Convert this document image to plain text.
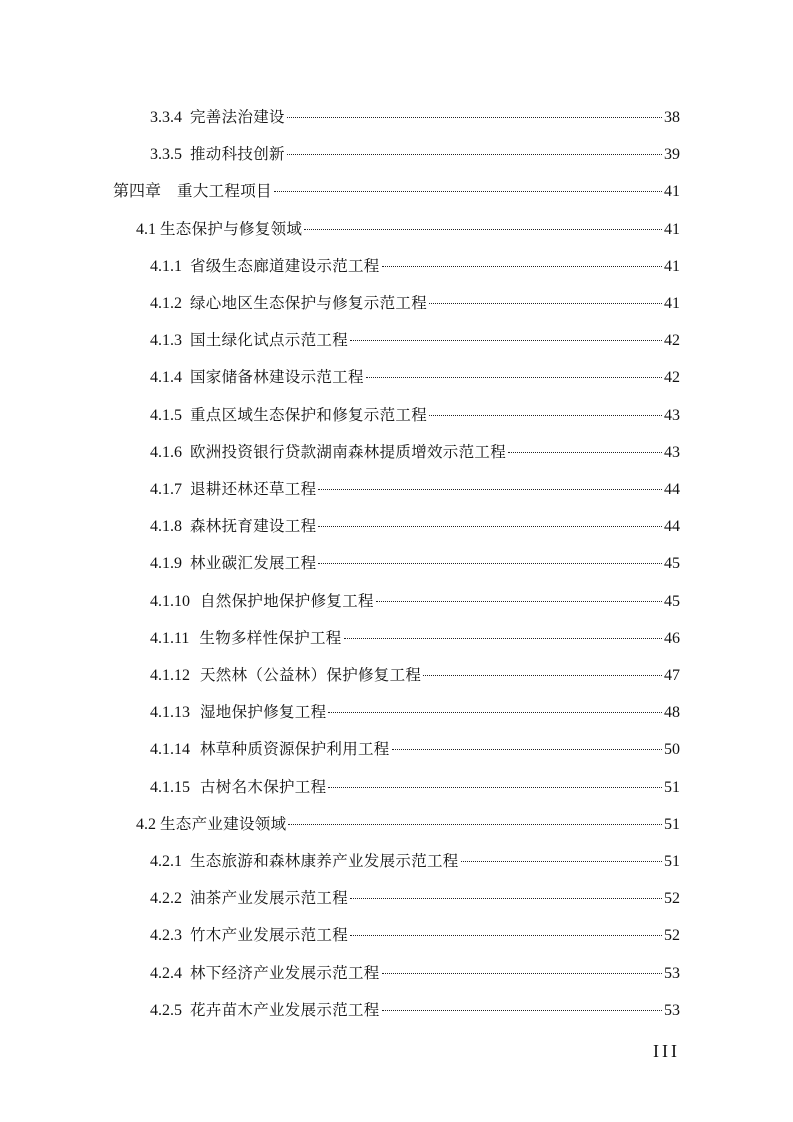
3.3.4 完善法治建设	38
3.3.5 推动科技创新	39
第四章 重大工程项目	41
4.1 生态保护与修复领域	41
4.1.1 省级生态廊道建设示范工程	41
4.1.2 绿心地区生态保护与修复示范工程	41
4.1.3 国土绿化试点示范工程	42
4.1.4 国家储备林建设示范工程	42
4.1.5 重点区域生态保护和修复示范工程	43
4.1.6 欧洲投资银行贷款湖南森林提质增效示范工程	43
4.1.7 退耕还林还草工程	44
4.1.8 森林抚育建设工程	44
4.1.9 林业碳汇发展工程	45
4.1.10 自然保护地保护修复工程	45
4.1.11 生物多样性保护工程	46
4.1.12 天然林（公益林）保护修复工程	47
4.1.13 湿地保护修复工程	48
4.1.14 林草种质资源保护利用工程	50
4.1.15 古树名木保护工程	51
4.2 生态产业建设领域	51
4.2.1 生态旅游和森林康养产业发展示范工程	51
4.2.2 油茶产业发展示范工程	52
4.2.3 竹木产业发展示范工程	52
4.2.4 林下经济产业发展示范工程	53
4.2.5 花卉苗木产业发展示范工程	53
III
